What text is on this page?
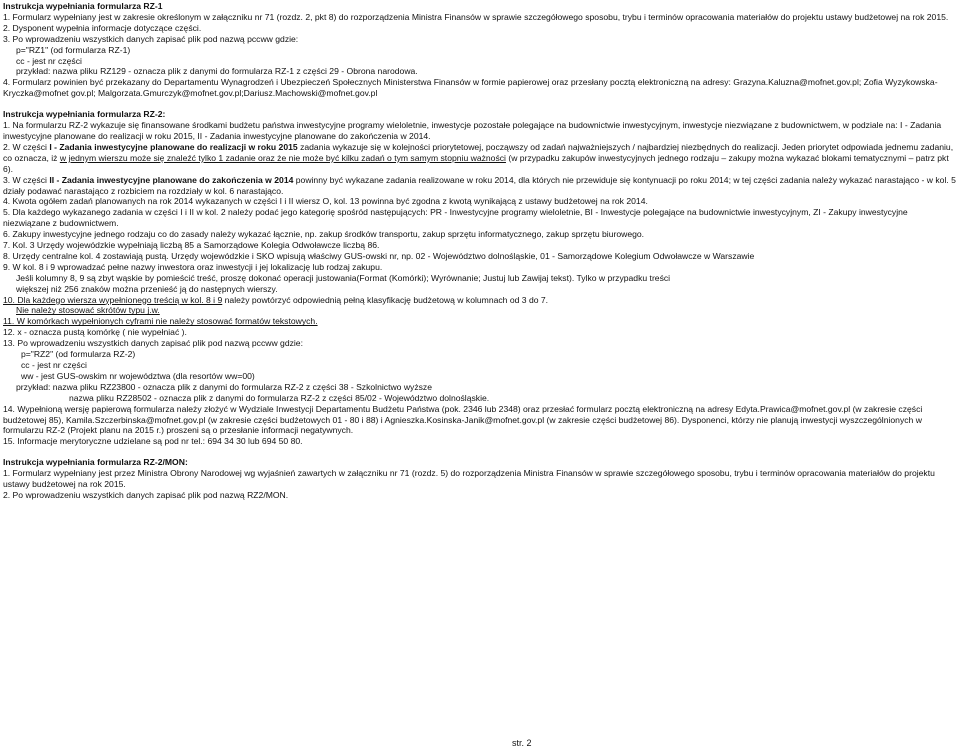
Instrukcja wypełniania formularza RZ-1
1. Formularz wypełniany jest w zakresie określonym w załączniku nr 71 (rozdz. 2, pkt 8) do rozporządzenia Ministra Finansów w sprawie szczegółowego sposobu, trybu i terminów opracowania materiałów do projektu ustawy budżetowej na rok 2015.
2. Dysponent wypełnia informacje dotyczące części.
3. Po wprowadzeniu wszystkich danych zapisać plik pod nazwą pccww gdzie:
p="RZ1" (od formularza RZ-1)
cc - jest nr części
przykład: nazwa pliku RZ129 - oznacza plik z danymi do formularza RZ-1 z części 29 - Obrona narodowa.
4. Formularz powinien być przekazany do Departamentu Wynagrodzeń i Ubezpieczeń Społecznych Ministerstwa Finansów w formie papierowej oraz przesłany pocztą elektroniczną na adresy: Grazyna.Kaluzna@mofnet.gov.pl; Zofia Wyzykowska-Kryczka@mofnet gov.pl; Malgorzata.Gmurczyk@mofnet.gov.pl;Dariusz.Machowski@mofnet.gov.pl
Instrukcja wypełniania formularza RZ-2:
1. Na formularzu RZ-2 wykazuje się finansowane środkami budżetu państwa inwestycyjne programy wieloletnie, inwestycje pozostałe polegające na budownictwie inwestycyjnym, inwestycje niezwiązane z budownictwem, w podziale na: I - Zadania inwestycyjne planowane do realizacji w roku 2015, II - Zadania inwestycyjne planowane do zakończenia w 2014.
2. W części I - Zadania inwestycyjne planowane do realizacji w roku 2015 zadania wykazuje się w kolejności priorytetowej, począwszy od zadań najważniejszych / najbardziej niezbędnych do realizacji. Jeden priorytet odpowiada jednemu zadaniu, co oznacza, iż w jednym wierszu może się znaleźć tylko 1 zadanie oraz że nie może być kilku zadań o tym samym stopniu ważności (w przypadku zakupów inwestycyjnych jednego rodzaju – zakupy można wykazać blokami tematycznymi – patrz pkt 6).
3. W części II - Zadania inwestycyjne planowane do zakończenia w 2014 powinny być wykazane zadania realizowane w roku 2014, dla których nie przewiduje się kontynuacji po roku 2014; w tej części zadania należy wykazać narastająco - w kol. 5 działy podawać narastająco z rozbiciem na rozdziały w kol. 6 narastająco.
4. Kwota ogółem zadań planowanych na rok 2014 wykazanych w części I i II wiersz O, kol. 13 powinna być zgodna z kwotą wynikającą z ustawy budżetowej na rok 2014.
5. Dla każdego wykazanego zadania w części I i II w kol. 2 należy podać jego kategorię spośród następujących: PR - Inwestycyjne programy wieloletnie, BI - Inwestycje polegające na budownictwie inwestycyjnym, ZI - Zakupy inwestycyjne niezwiązane z budownictwem.
6. Zakupy inwestycyjne jednego rodzaju co do zasady należy wykazać łącznie, np. zakup środków transportu, zakup sprzętu informatycznego, zakup sprzętu biurowego.
7. Kol. 3 Urzędy wojewódzkie wypełniają liczbą 85 a Samorządowe Kolegia Odwoławcze liczbą 86.
8. Urzędy centralne kol. 4 zostawiają pustą. Urzędy wojewódzkie i SKO wpisują właściwy GUS-owski nr, np. 02 - Województwo dolnośląskie, 01 - Samorządowe Kolegium Odwoławcze w Warszawie
9. W kol. 8 i 9 wprowadzać pełne nazwy inwestora oraz inwestycji i jej lokalizację lub rodzaj zakupu.
Jeśli kolumny 8, 9 są zbyt wąskie by pomieścić treść, proszę dokonać operacji justowania(Format (Komórki); Wyrównanie; Justuj lub Zawijaj tekst). Tylko w przypadku treści
większej niż 256 znaków można przenieść ją do następnych wierszy.
10. Dla każdego wiersza wypełnionego treścią w kol. 8 i 9 należy powtórzyć odpowiednią pełną klasyfikację budżetową w kolumnach od 3 do 7.
Nie należy stosować skrótów typu j.w.
11. W komórkach wypełnionych cyframi nie należy stosować formatów tekstowych.
12. x - oznacza pustą komórkę ( nie wypełniać ).
13. Po wprowadzeniu wszystkich danych zapisać plik pod nazwą pccww gdzie:
p="RZ2" (od formularza RZ-2)
cc - jest nr części
ww - jest GUS-owskim nr województwa (dla resortów ww=00)
przykład: nazwa pliku RZ23800 - oznacza plik z danymi do formularza RZ-2 z części 38 - Szkolnictwo wyższe
nazwa pliku RZ28502 - oznacza plik z danymi do formularza RZ-2 z części 85/02 - Województwo dolnośląskie.
14. Wypełnioną wersję papierową formularza należy złożyć w Wydziale Inwestycji Departamentu Budżetu Państwa (pok. 2346 lub 2348) oraz przesłać formularz pocztą elektroniczną na adresy Edyta.Prawica@mofnet.gov.pl (w zakresie części budżetowej 85), Kamila.Szczerbinska@mofnet.gov.pl (w zakresie części budżetowych 01 - 80 i 88) i Agnieszka.Kosinska-Janik@mofnet.gov.pl (w zakresie części budżetowej 86). Dysponenci, którzy nie planują inwestycji wyszczególnionych w formularzu RZ-2 (Projekt planu na 2015 r.) proszeni są o przesłanie informacji negatywnych.
15. Informacje merytoryczne udzielane są pod nr tel.: 694 34 30 lub 694 50 80.
Instrukcja wypełniania formularza RZ-2/MON:
1. Formularz wypełniany jest przez Ministra Obrony Narodowej wg wyjaśnień zawartych w załączniku nr 71 (rozdz. 5) do rozporządzenia Ministra Finansów w sprawie szczegółowego sposobu, trybu i terminów opracowania materiałów do projektu ustawy budżetowej na rok 2015.
2. Po wprowadzeniu wszystkich danych zapisać plik pod nazwą RZ2/MON.
str. 2
